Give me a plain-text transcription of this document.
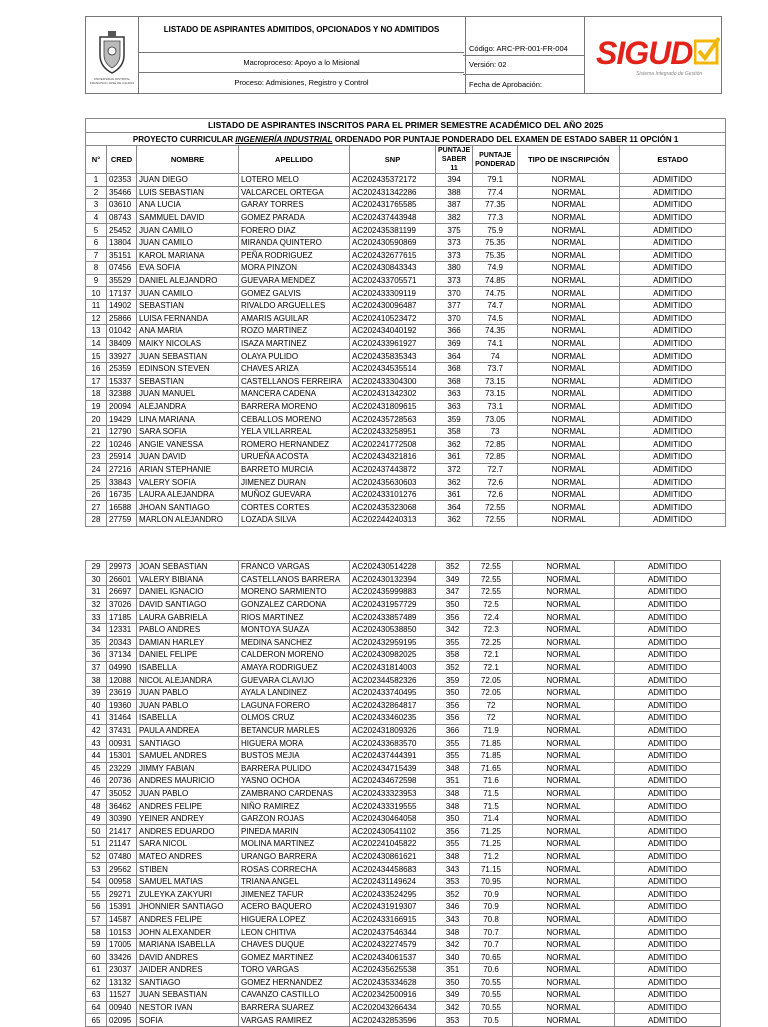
UNIVERSIDAD DISTRITAL FRANCISCO JOSÉ DE CALDAS
LISTADO DE ASPIRANTES ADMITIDOS, OPCIONADOS Y NO ADMITIDOS
Macroproceso: Apoyo a lo Misional
Proceso: Admisiones, Registro y Control
Código: ARC-PR-001-FR-004
Versión: 02
Fecha de Aprobación:
SIGUD
Sistema Integrado de Gestión
LISTADO DE ASPIRANTES INSCRITOS PARA EL PRIMER SEMESTRE ACADÉMICO DEL AÑO 2025								
PROYECTO CURRICULAR INGENIERÍA INDUSTRIAL ORDENADO POR PUNTAJE PONDERADO DEL EXAMEN DE ESTADO SABER 11 OPCIÓN 1								
N°	CRED	NOMBRE	APELLIDO	SNP	PUNTAJE SABER 11	PUNTAJE PONDERAD	TIPO DE INSCRIPCIÓN	ESTADO
1	02353	JUAN DIEGO	LOTERO MELO	AC202435372172	394	79.1	NORMAL	ADMITIDO
2	35466	LUIS SEBASTIAN	VALCARCEL ORTEGA	AC202431342286	388	77.4	NORMAL	ADMITIDO
3	03610	ANA LUCIA	GARAY TORRES	AC202431765585	387	77.35	NORMAL	ADMITIDO
4	08743	SAMMUEL DAVID	GOMEZ PARADA	AC202437443948	382	77.3	NORMAL	ADMITIDO
5	25452	JUAN CAMILO	FORERO DIAZ	AC202435381199	375	75.9	NORMAL	ADMITIDO
6	13804	JUAN CAMILO	MIRANDA QUINTERO	AC202430590869	373	75.35	NORMAL	ADMITIDO
7	35151	KAROL MARIANA	PEÑA RODRIGUEZ	AC202432677615	373	75.35	NORMAL	ADMITIDO
8	07456	EVA SOFIA	MORA PINZON	AC202430843343	380	74.9	NORMAL	ADMITIDO
9	35529	DANIEL ALEJANDRO	GUEVARA MENDEZ	AC202433705571	373	74.85	NORMAL	ADMITIDO
10	17137	JUAN CAMILO	GOMEZ GALVIS	AC202433309119	370	74.75	NORMAL	ADMITIDO
11	14902	SEBASTIAN	RIVALDO ARGUELLES	AC202430096487	377	74.7	NORMAL	ADMITIDO
12	25866	LUISA FERNANDA	AMARIS AGUILAR	AC202410523472	370	74.5	NORMAL	ADMITIDO
13	01042	ANA MARIA	ROZO MARTINEZ	AC202434040192	366	74.35	NORMAL	ADMITIDO
14	38409	MAIKY NICOLAS	ISAZA MARTINEZ	AC202433961927	369	74.1	NORMAL	ADMITIDO
15	33927	JUAN SEBASTIAN	OLAYA PULIDO	AC202435835343	364	74	NORMAL	ADMITIDO
16	25359	EDINSON STEVEN	CHAVES ARIZA	AC202434535514	368	73.7	NORMAL	ADMITIDO
17	15337	SEBASTIAN	CASTELLANOS FERREIRA	AC202433304300	368	73.15	NORMAL	ADMITIDO
18	32388	JUAN MANUEL	MANCERA CADENA	AC202431342302	363	73.15	NORMAL	ADMITIDO
19	20094	ALEJANDRA	BARRERA MORENO	AC202431809615	363	73.1	NORMAL	ADMITIDO
20	19429	LINA MARIANA	CEBALLOS MORENO	AC202435728563	359	73.05	NORMAL	ADMITIDO
21	12790	SARA SOFIA	YELA VILLARREAL	AC202433258951	358	73	NORMAL	ADMITIDO
22	10246	ANGIE VANESSA	ROMERO HERNANDEZ	AC202241772508	362	72.85	NORMAL	ADMITIDO
23	25914	JUAN DAVID	URUEÑA ACOSTA	AC202434321816	361	72.85	NORMAL	ADMITIDO
24	27216	ARIAN STEPHANIE	BARRETO MURCIA	AC202437443872	372	72.7	NORMAL	ADMITIDO
25	33843	VALERY SOFIA	JIMENEZ DURAN	AC202435630603	362	72.6	NORMAL	ADMITIDO
26	16735	LAURA ALEJANDRA	MUÑOZ GUEVARA	AC202433101276	361	72.6	NORMAL	ADMITIDO
27	16588	JHOAN SANTIAGO	CORTES CORTES	AC202435323068	364	72.55	NORMAL	ADMITIDO
28	27759	MARLON ALEJANDRO	LOZADA SILVA	AC202244240313	362	72.55	NORMAL	ADMITIDO
29	29973	JOAN SEBASTIAN	FRANCO VARGAS	AC202430514228	352	72.55	NORMAL	ADMITIDO
30	26601	VALERY BIBIANA	CASTELLANOS BARRERA	AC202430132394	349	72.55	NORMAL	ADMITIDO
31	26697	DANIEL IGNACIO	MORENO SARMIENTO	AC202435999883	347	72.55	NORMAL	ADMITIDO
32	37026	DAVID SANTIAGO	GONZALEZ CARDONA	AC202431957729	350	72.5	NORMAL	ADMITIDO
33	17185	LAURA GABRIELA	RIOS MARTINEZ	AC202433857489	356	72.4	NORMAL	ADMITIDO
34	12331	PABLO ANDRES	MONTOYA SUAZA	AC202430538850	342	72.3	NORMAL	ADMITIDO
35	20343	DAMIAN HARLEY	MEDINA SANCHEZ	AC202432959195	355	72.25	NORMAL	ADMITIDO
36	37134	DANIEL FELIPE	CALDERON MORENO	AC202430982025	358	72.1	NORMAL	ADMITIDO
37	04990	ISABELLA	AMAYA RODRIGUEZ	AC202431814003	352	72.1	NORMAL	ADMITIDO
38	12088	NICOL ALEJANDRA	GUEVARA CLAVIJO	AC202344582326	359	72.05	NORMAL	ADMITIDO
39	23619	JUAN PABLO	AYALA LANDINEZ	AC202433740495	350	72.05	NORMAL	ADMITIDO
40	19360	JUAN PABLO	LAGUNA FORERO	AC202432864817	356	72	NORMAL	ADMITIDO
41	31464	ISABELLA	OLMOS CRUZ	AC202433460235	356	72	NORMAL	ADMITIDO
42	37431	PAULA ANDREA	BETANCUR MARLES	AC202431809326	366	71.9	NORMAL	ADMITIDO
43	00931	SANTIAGO	HIGUERA MORA	AC202433683570	355	71.85	NORMAL	ADMITIDO
44	15301	SAMUEL ANDRES	BUSTOS MEJIA	AC202437444391	355	71.85	NORMAL	ADMITIDO
45	23229	JIMMY FABIAN	BARRERA PULIDO	AC202434715439	348	71.65	NORMAL	ADMITIDO
46	20736	ANDRES MAURICIO	YASNO OCHOA	AC202434672598	351	71.6	NORMAL	ADMITIDO
47	35052	JUAN PABLO	ZAMBRANO CARDENAS	AC202433323953	348	71.5	NORMAL	ADMITIDO
48	36462	ANDRES FELIPE	NIÑO RAMIREZ	AC202433319555	348	71.5	NORMAL	ADMITIDO
49	30390	YEINER ANDREY	GARZON ROJAS	AC202430464058	350	71.4	NORMAL	ADMITIDO
50	21417	ANDRES EDUARDO	PINEDA MARIN	AC202430541102	356	71.25	NORMAL	ADMITIDO
51	21147	SARA NICOL	MOLINA MARTINEZ	AC202241045822	355	71.25	NORMAL	ADMITIDO
52	07480	MATEO ANDRES	URANGO BARRERA	AC202430861621	348	71.2	NORMAL	ADMITIDO
53	29562	STIBEN	ROSAS CORRECHA	AC202434458683	343	71.15	NORMAL	ADMITIDO
54	00958	SAMUEL MATIAS	TRIANA ANGEL	AC202431149624	353	70.95	NORMAL	ADMITIDO
55	29271	ZULEYKA ZAKYURI	JIMENEZ TAFUR	AC202433524295	352	70.9	NORMAL	ADMITIDO
56	15391	JHONNIER SANTIAGO	ACERO BAQUERO	AC202431919307	346	70.9	NORMAL	ADMITIDO
57	14587	ANDRES FELIPE	HIGUERA LOPEZ	AC202433166915	343	70.8	NORMAL	ADMITIDO
58	10153	JOHN ALEXANDER	LEON CHITIVA	AC202437546344	348	70.7	NORMAL	ADMITIDO
59	17005	MARIANA ISABELLA	CHAVES DUQUE	AC202432274579	342	70.7	NORMAL	ADMITIDO
60	33426	DAVID ANDRES	GOMEZ MARTINEZ	AC202434061537	340	70.65	NORMAL	ADMITIDO
61	23037	JAIDER ANDRES	TORO VARGAS	AC202435625538	351	70.6	NORMAL	ADMITIDO
62	13132	SANTIAGO	GOMEZ HERNANDEZ	AC202435334628	350	70.55	NORMAL	ADMITIDO
63	11527	JUAN SEBASTIAN	CAVANZO CASTILLO	AC202342500916	349	70.55	NORMAL	ADMITIDO
64	00940	NESTOR IVAN	BARRERA SUAREZ	AC202043266434	342	70.55	NORMAL	ADMITIDO
65	02095	SOFIA	VARGAS RAMIREZ	AC202432853596	353	70.5	NORMAL	ADMITIDO
